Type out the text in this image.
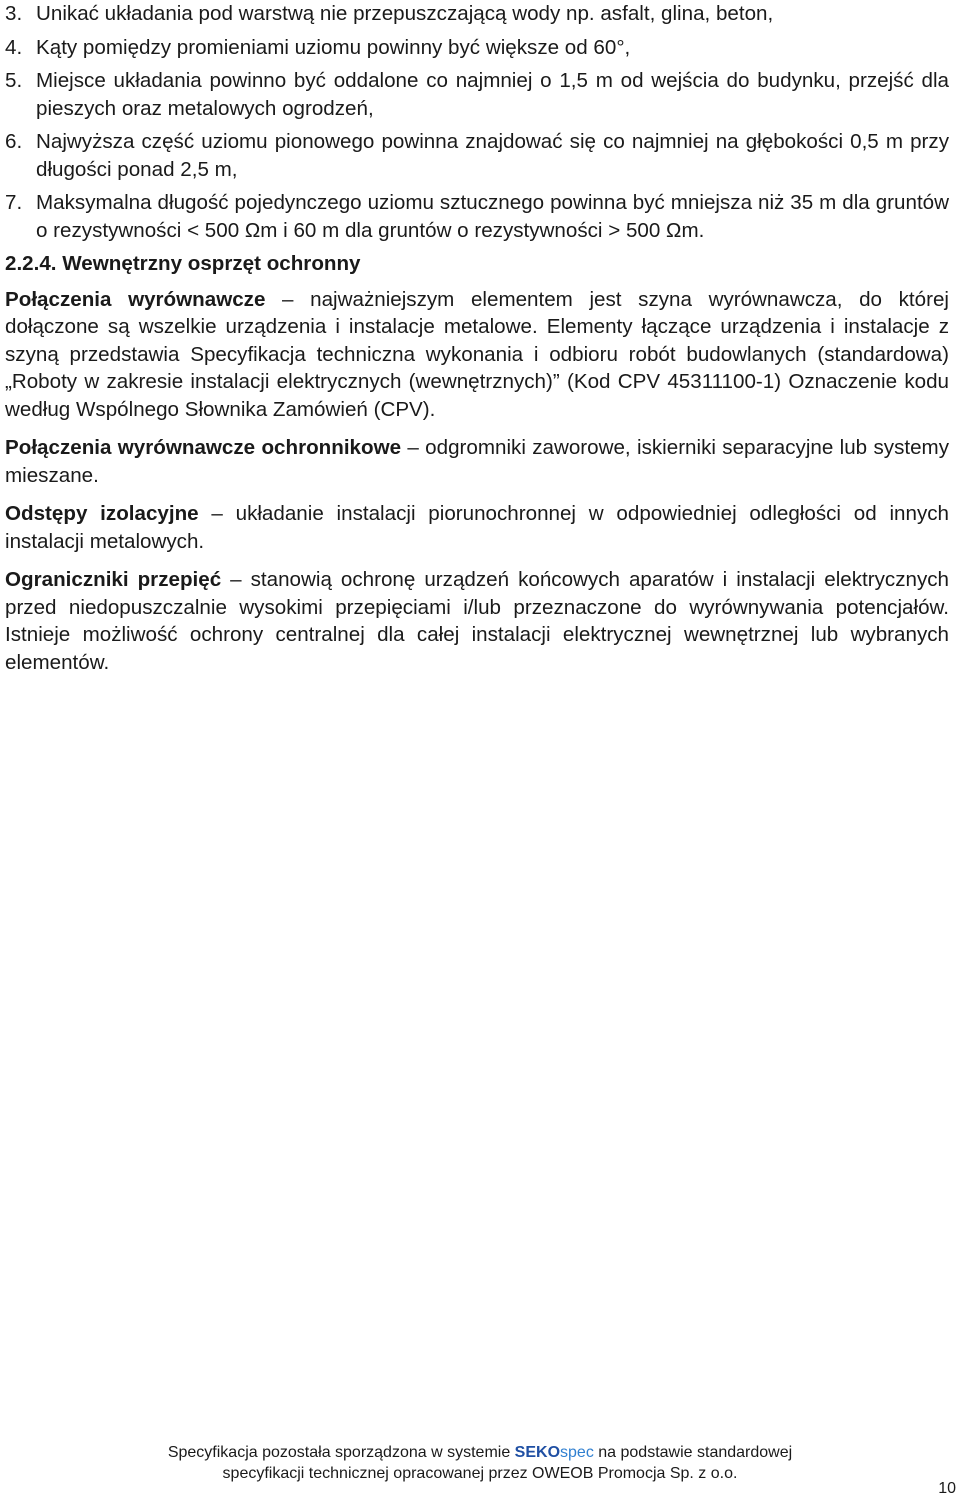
3. Unikać układania pod warstwą nie przepuszczającą wody np. asfalt, glina, beton,
4. Kąty pomiędzy promieniami uziomu powinny być większe od 60°,
5. Miejsce układania powinno być oddalone co najmniej o 1,5 m od wejścia do budynku, przejść dla pieszych oraz metalowych ogrodzeń,
6. Najwyższa część uziomu pionowego powinna znajdować się co najmniej na głębokości 0,5 m przy długości ponad 2,5 m,
7. Maksymalna długość pojedynczego uziomu sztucznego powinna być mniejsza niż 35 m dla gruntów o rezystywności < 500 Ωm i 60 m dla gruntów o rezystywności > 500 Ωm.
2.2.4. Wewnętrzny osprzęt ochronny

Połączenia wyrównawcze – najważniejszym elementem jest szyna wyrównawcza, do której dołączone są wszelkie urządzenia i instalacje metalowe. Elementy łączące urządzenia i instalacje z szyną przedstawia Specyfikacja techniczna wykonania i odbioru robót budowlanych (standardowa) „Roboty w zakresie instalacji elektrycznych (wewnętrznych)” (Kod CPV 45311100-1) Oznaczenie kodu według Wspólnego Słownika Zamówień (CPV).

Połączenia wyrównawcze ochronnikowe – odgromniki zaworowe, iskierniki separacyjne lub systemy mieszane.

Odstępy izolacyjne – układanie instalacji piorunochronnej w odpowiedniej odległości od innych instalacji metalowych.

Ograniczniki przepięć – stanowią ochronę urządzeń końcowych aparatów i instalacji elektrycznych przed niedopuszczalnie wysokimi przepięciami i/lub przeznaczone do wyrównywania potencjałów. Istnieje możliwość ochrony centralnej dla całej instalacji elektrycznej wewnętrznej lub wybranych elementów.

Specyfikacja pozostała sporządzona w systemie SEKOspec na podstawie standardowej
specyfikacji technicznej opracowanej przez OWEOB Promocja Sp. z o.o.
10
